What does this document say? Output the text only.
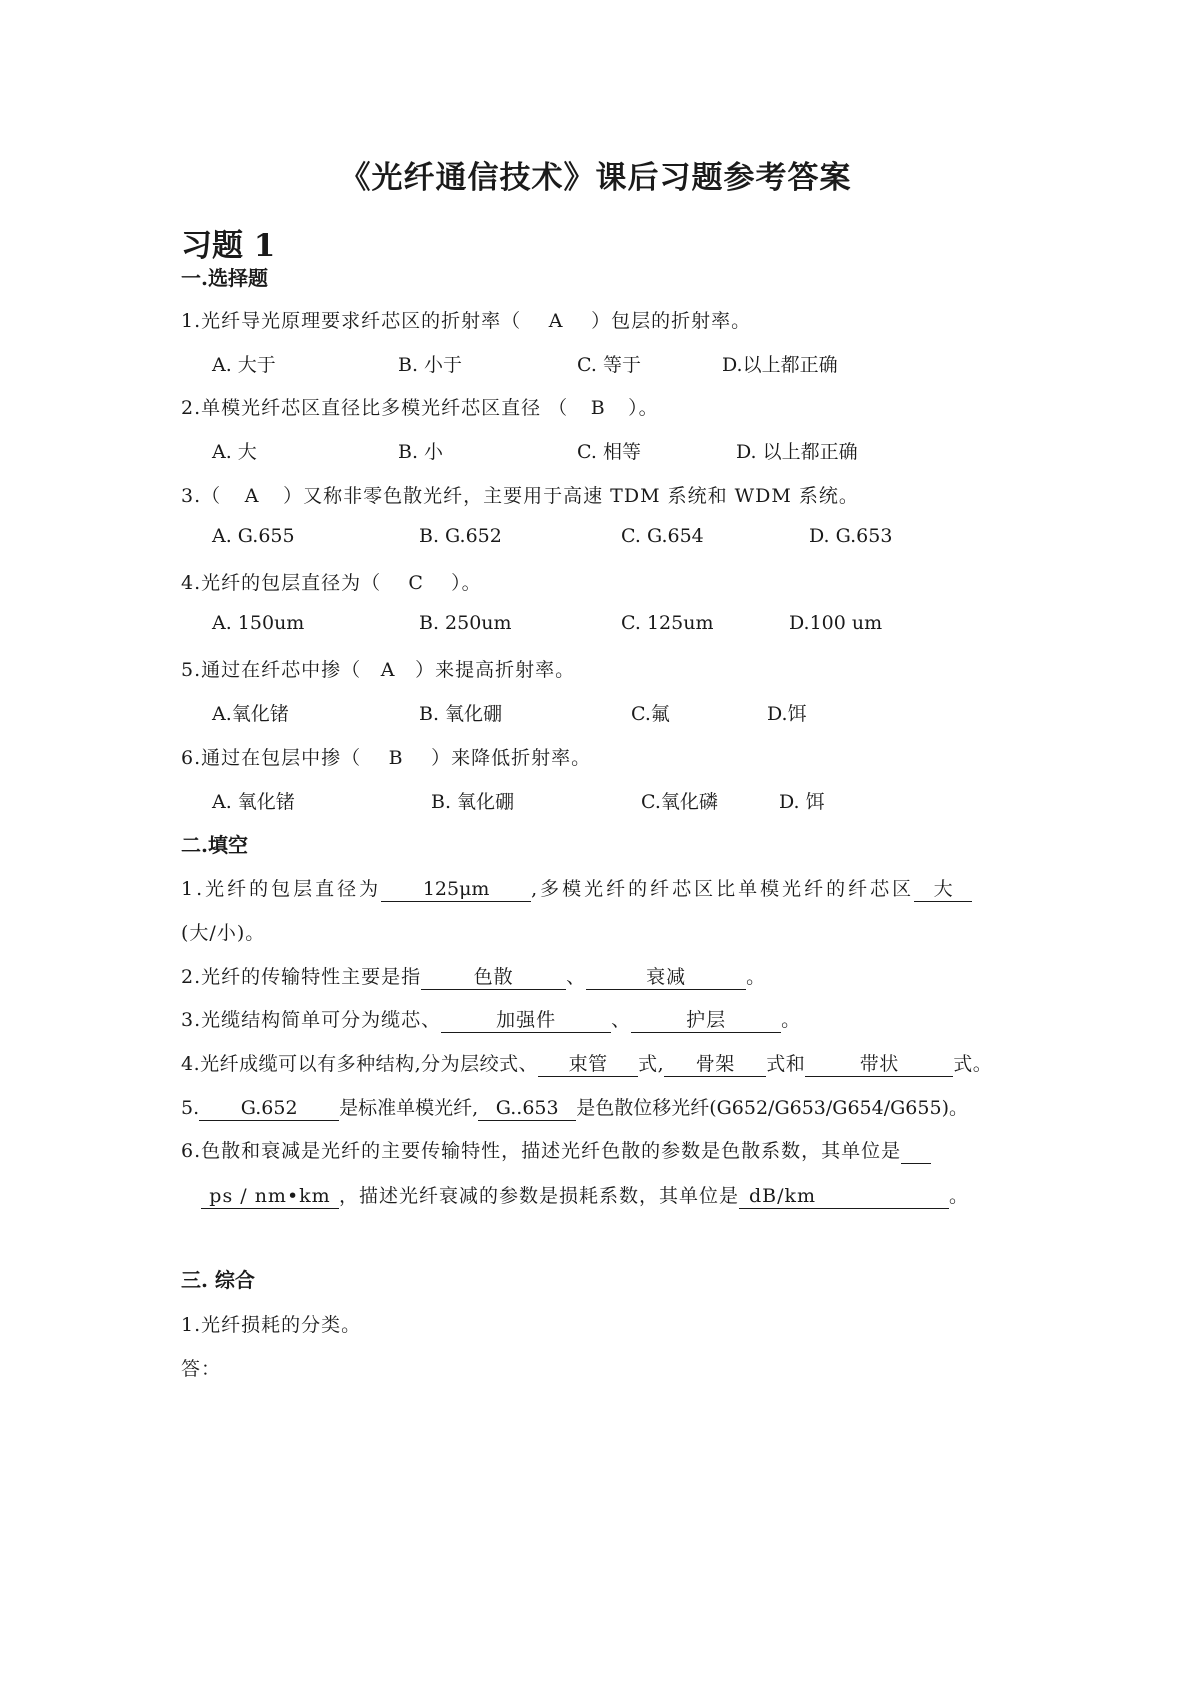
《光纤通信技术》课后习题参考答案
习题 1
一.选择题
1.光纤导光原理要求纤芯区的折射率（ A ）包层的折射率。
A. 大于	B. 小于	C. 等于	D.以上都正确
2.单模光纤芯区直径比多模光纤芯区直径 （ B ）。
A. 大	B. 小	C. 相等	D. 以上都正确
3.（ A ）又称非零色散光纤，主要用于高速 TDM 系统和 WDM 系统。
A. G.655	B. G.652	C. G.654	D. G.653
4.光纤的包层直径为（ C ）。
A. 150um	B. 250um	C. 125um	D.100 um
5.通过在纤芯中掺（ A ）来提高折射率。
A.氧化锗	B. 氧化硼	C.氟	D.饵
6.通过在包层中掺（ B ）来降低折射率。
A. 氧化锗	B. 氧化硼	C.氧化磷	D. 饵
二.填空
1.光纤的包层直径为 125μm ,多模光纤的纤芯区比单模光纤的纤芯区 大
(大/小)。
2.光纤的传输特性主要是指	色散	、	衰减	。
3.光缆结构简单可分为缆芯、	加强件	、	护层	。
4.光纤成缆可以有多种结构,分为层绞式、 束管 式, 骨架 式和	带状	式。
5. G.652 是标准单模光纤, G..653 是色散位移光纤(G652/G653/G654/G655)。
6.色散和衰减是光纤的主要传输特性，描述光纤色散的参数是色散系数，其单位是
ps / nm•km ，描述光纤衰减的参数是损耗系数，其单位是 dB/km	。
三. 综合
1.光纤损耗的分类。
答：
